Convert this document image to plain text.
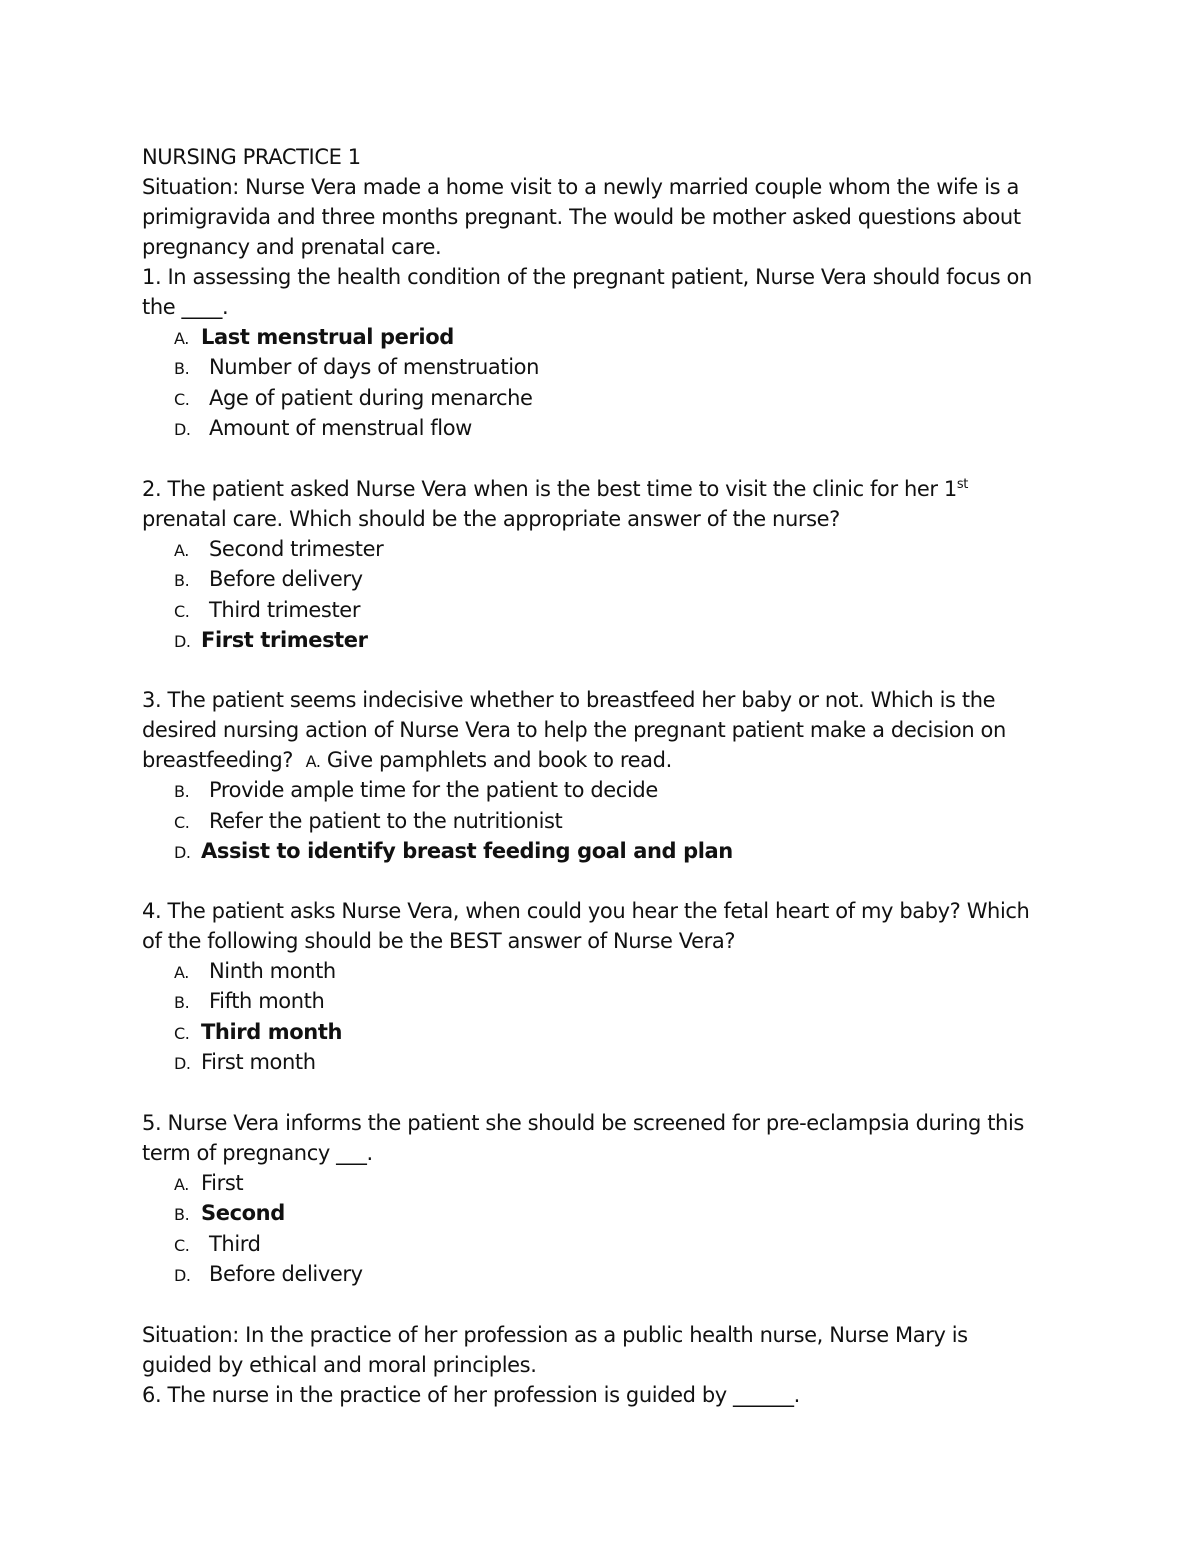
NURSING PRACTICE 1
Situation: Nurse Vera made a home visit to a newly married couple whom the wife is a
primigravida and three months pregnant. The would be mother asked questions about
pregnancy and prenatal care.
1. In assessing the health condition of the pregnant patient, Nurse Vera should focus on
the ____.
A. Last menstrual period
B. Number of days of menstruation
C. Age of patient during menarche
D. Amount of menstrual flow
2. The patient asked Nurse Vera when is the best time to visit the clinic for her 1st
prenatal care. Which should be the appropriate answer of the nurse?
A. Second trimester
B. Before delivery
C. Third trimester
D. First trimester
3. The patient seems indecisive whether to breastfeed her baby or not. Which is the
desired nursing action of Nurse Vera to help the pregnant patient make a decision on
breastfeeding? A. Give pamphlets and book to read.
B. Provide ample time for the patient to decide
C. Refer the patient to the nutritionist
D. Assist to identify breast feeding goal and plan
4. The patient asks Nurse Vera, when could you hear the fetal heart of my baby? Which
of the following should be the BEST answer of Nurse Vera?
A. Ninth month
B. Fifth month
C. Third month
D. First month
5. Nurse Vera informs the patient she should be screened for pre-eclampsia during this
term of pregnancy ___.
A. First
B. Second
C. Third
D. Before delivery
Situation: In the practice of her profession as a public health nurse, Nurse Mary is
guided by ethical and moral principles.
6. The nurse in the practice of her profession is guided by ______.
